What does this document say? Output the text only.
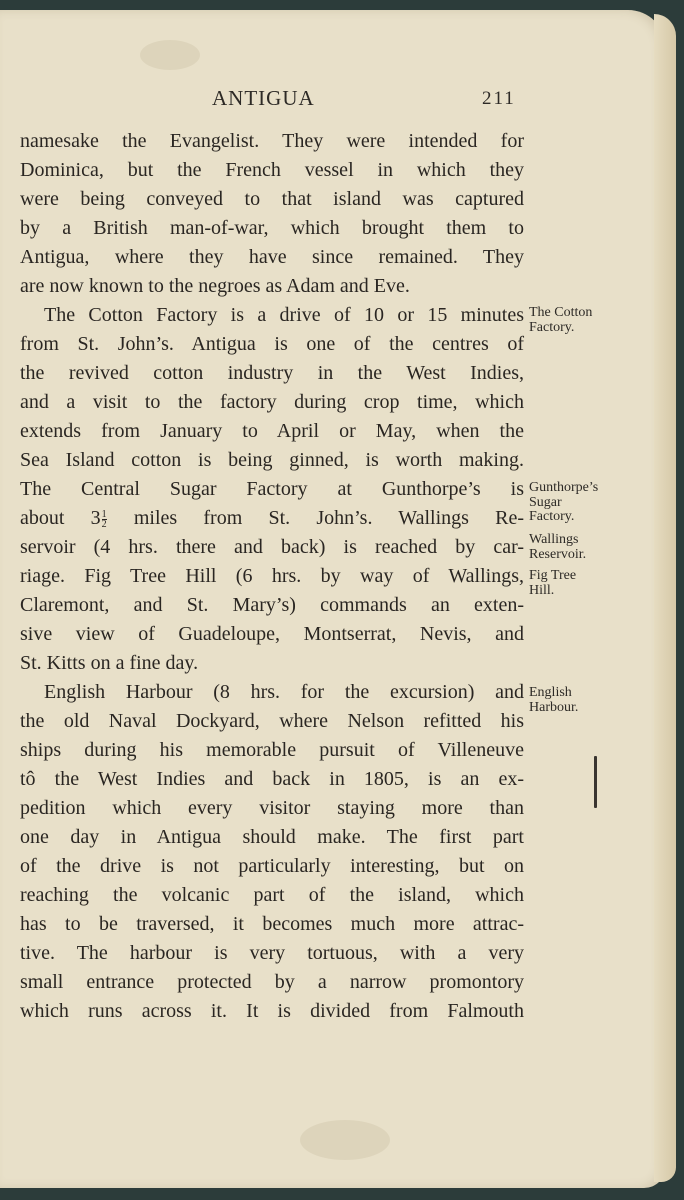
ANTIGUA	211
namesake the Evangelist. They were intended for
Dominica, but the French vessel in which they
were being conveyed to that island was captured
by a British man-of-war, which brought them to
Antigua, where they have since remained. They
are now known to the negroes as Adam and Eve.
The Cotton Factory is a drive of 10 or 15 minutes
from St. John’s. Antigua is one of the centres of
the revived cotton industry in the West Indies,
and a visit to the factory during crop time, which
extends from January to April or May, when the
Sea Island cotton is being ginned, is worth making.
The Central Sugar Factory at Gunthorpe’s is
about $3 \frac{1}{2}$ miles from St. John’s. Wallings Re-
servoir (4 hrs. there and back) is reached by car-
riage. Fig Tree Hill (6 hrs. by way of Wallings,
Claremont, and St. Mary’s) commands an exten-
sive view of Guadeloupe, Montserrat, Nevis, and
St. Kitts on a fine day.
English Harbour (8 hrs. for the excursion) and
the old Naval Dockyard, where Nelson refitted his
ships during his memorable pursuit of Villeneuve
tô the West Indies and back in 1805, is an ex-
pedition which every visitor staying more than
one day in Antigua should make. The first part
of the drive is not particularly interesting, but on
reaching the volcanic part of the island, which
has to be traversed, it becomes much more attrac-
tive. The harbour is very tortuous, with a very
small entrance protected by a narrow promontory
which runs across it. It is divided from Falmouth
The Cotton
Factory.
Gunthorpe’s
Sugar
Factory.
Wallings
Reservoir.
Fig Tree
Hill.
English
Harbour.
